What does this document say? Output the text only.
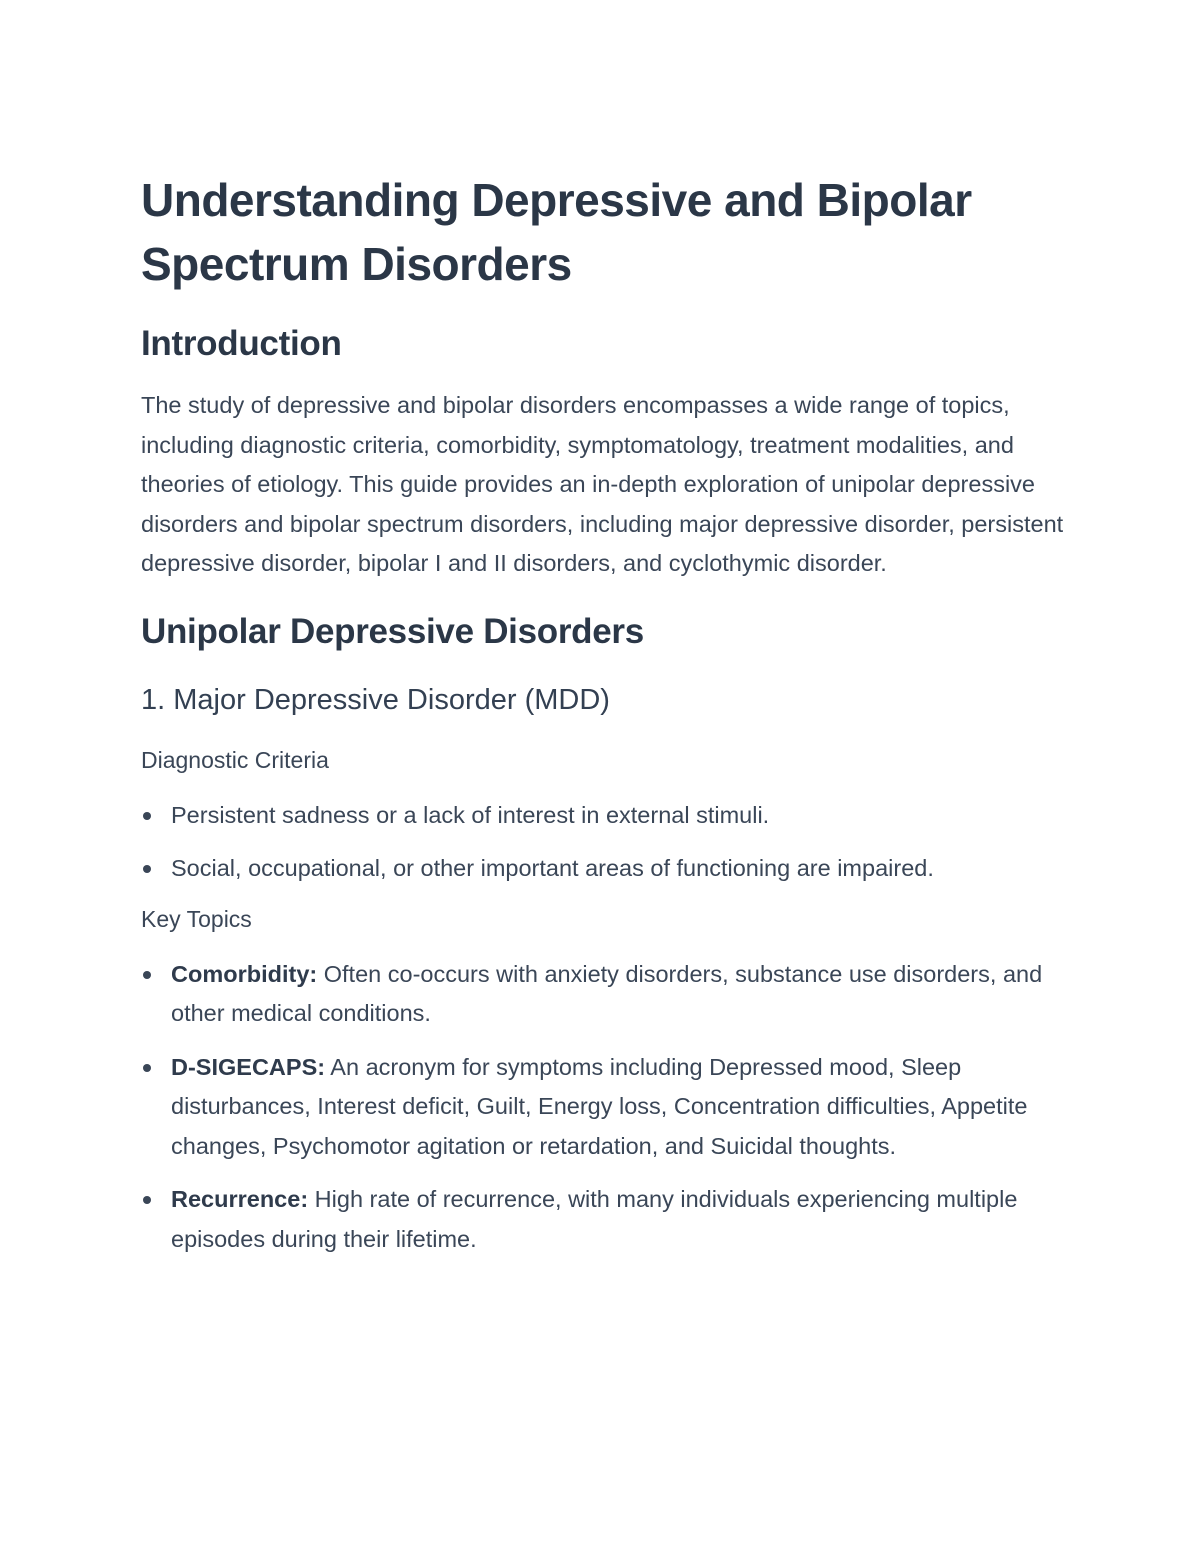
Understanding Depressive and Bipolar Spectrum Disorders
Introduction

The study of depressive and bipolar disorders encompasses a wide range of topics, including diagnostic criteria, comorbidity, symptomatology, treatment modalities, and theories of etiology. This guide provides an in-depth exploration of unipolar depressive disorders and bipolar spectrum disorders, including major depressive disorder, persistent depressive disorder, bipolar I and II disorders, and cyclothymic disorder.

Unipolar Depressive Disorders
1. Major Depressive Disorder (MDD)
Diagnostic Criteria
Persistent sadness or a lack of interest in external stimuli.
Social, occupational, or other important areas of functioning are impaired.
Key Topics
Comorbidity: Often co-occurs with anxiety disorders, substance use disorders, and other medical conditions.
D-SIGECAPS: An acronym for symptoms including Depressed mood, Sleep disturbances, Interest deficit, Guilt, Energy loss, Concentration difficulties, Appetite changes, Psychomotor agitation or retardation, and Suicidal thoughts.
Recurrence: High rate of recurrence, with many individuals experiencing multiple episodes during their lifetime.
